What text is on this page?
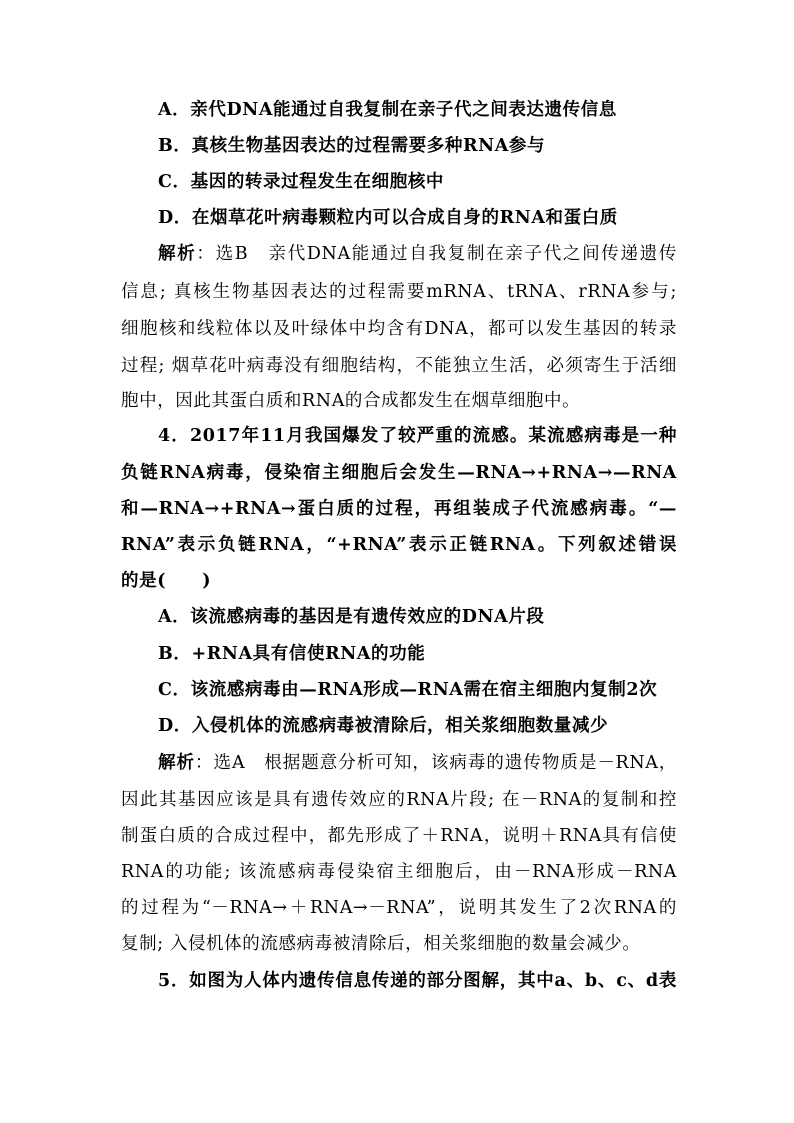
A．亲代DNA能通过自我复制在亲子代之间表达遗传信息
B．真核生物基因表达的过程需要多种RNA参与
C．基因的转录过程发生在细胞核中
D．在烟草花叶病毒颗粒内可以合成自身的RNA和蛋白质
解析：选B　亲代DNA能通过自我复制在亲子代之间传递遗传
信息; 真核生物基因表达的过程需要mRNA、tRNA、rRNA参与;
细胞核和线粒体以及叶绿体中均含有DNA，都可以发生基因的转录
过程; 烟草花叶病毒没有细胞结构，不能独立生活，必须寄生于活细
胞中，因此其蛋白质和RNA的合成都发生在烟草细胞中。
4．2017年11月我国爆发了较严重的流感。某流感病毒是一种
负链RNA病毒，侵染宿主细胞后会发生—RNA→+RNA→—RNA
和—RNA→+RNA→蛋白质的过程，再组装成子代流感病毒。“—
RNA”表示负链RNA，“+RNA”表示正链RNA。下列叙述错误
的是(　　)
A．该流感病毒的基因是有遗传效应的DNA片段
B．+RNA具有信使RNA的功能
C．该流感病毒由—RNA形成—RNA需在宿主细胞内复制2次
D．入侵机体的流感病毒被清除后，相关浆细胞数量减少
解析：选A　根据题意分析可知，该病毒的遗传物质是－RNA，
因此其基因应该是具有遗传效应的RNA片段; 在－RNA的复制和控
制蛋白质的合成过程中，都先形成了＋RNA，说明＋RNA具有信使
RNA的功能; 该流感病毒侵染宿主细胞后，由－RNA形成－RNA
的过程为“－RNA→＋RNA→－RNA”，说明其发生了2次RNA的
复制; 入侵机体的流感病毒被清除后，相关浆细胞的数量会减少。
5．如图为人体内遗传信息传递的部分图解，其中a、b、c、d表
